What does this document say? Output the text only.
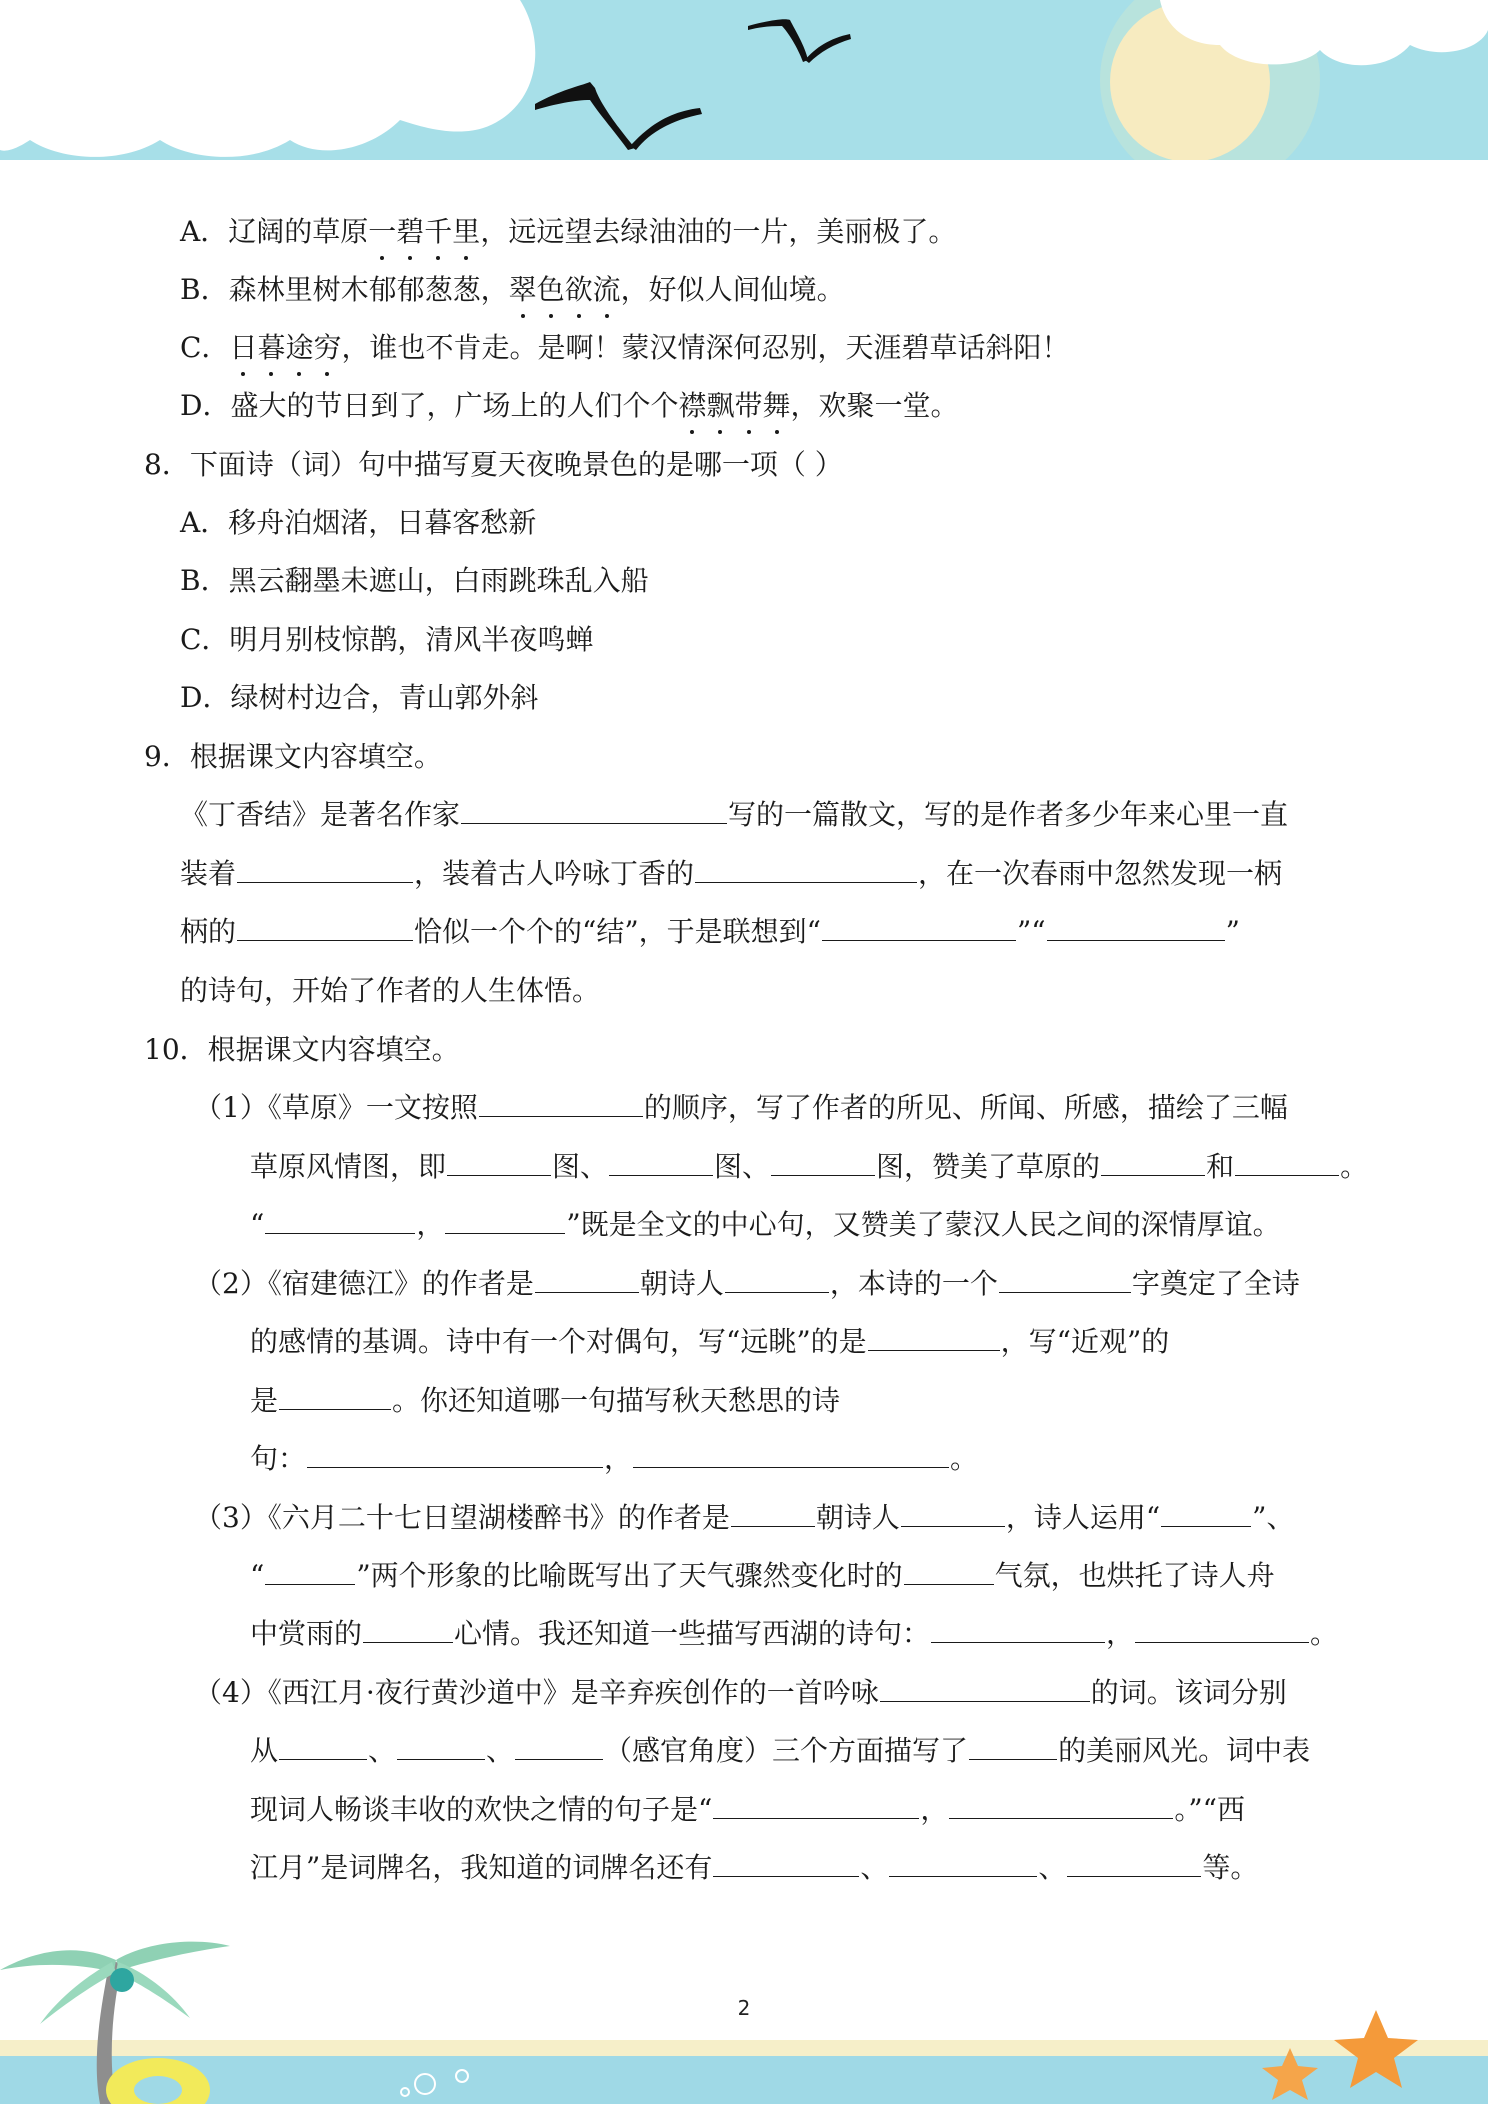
A．辽阔的草原一碧千里，远远望去绿油油的一片，美丽极了。
B．森林里树木郁郁葱葱，翠色欲流，好似人间仙境。
C．日暮途穷，谁也不肯走。是啊！蒙汉情深何忍别，天涯碧草话斜阳！
D．盛大的节日到了，广场上的人们个个襟飘带舞，欢聚一堂。
8．下面诗（词）句中描写夏天夜晚景色的是哪一项（ ）
A．移舟泊烟渚，日暮客愁新
B．黑云翻墨未遮山，白雨跳珠乱入船
C．明月别枝惊鹊，清风半夜鸣蝉
D．绿树村边合，青山郭外斜
9．根据课文内容填空。
《丁香结》是著名作家	写的一篇散文，写的是作者多少年来心里一直
装着	，装着古人吟咏丁香的	，在一次春雨中忽然发现一柄
柄的	恰似一个个的“结”，于是联想到“	”“	”
的诗句，开始了作者的人生体悟。
10．根据课文内容填空。
（1）《草原》一文按照	的顺序，写了作者的所见、所闻、所感，描绘了三幅
草原风情图，即	图、	图、	图，赞美了草原的	和	。
“	，	”既是全文的中心句，又赞美了蒙汉人民之间的深情厚谊。
（2）《宿建德江》的作者是	朝诗人	，本诗的一个	字奠定了全诗
的感情的基调。诗中有一个对偶句，写“远眺”的是	，写“近观”的
是	。你还知道哪一句描写秋天愁思的诗
句：	，	。
（3）《六月二十七日望湖楼醉书》的作者是	朝诗人	，诗人运用“	”、
“	”两个形象的比喻既写出了天气骤然变化时的	气氛，也烘托了诗人舟
中赏雨的	心情。我还知道一些描写西湖的诗句：	，	。
（4）《西江月·夜行黄沙道中》是辛弃疾创作的一首吟咏	的词。该词分别
从	、	、	（感官角度）三个方面描写了	的美丽风光。词中表
现词人畅谈丰收的欢快之情的句子是“	，	。”“西
江月”是词牌名，我知道的词牌名还有	、	、	等。
2
